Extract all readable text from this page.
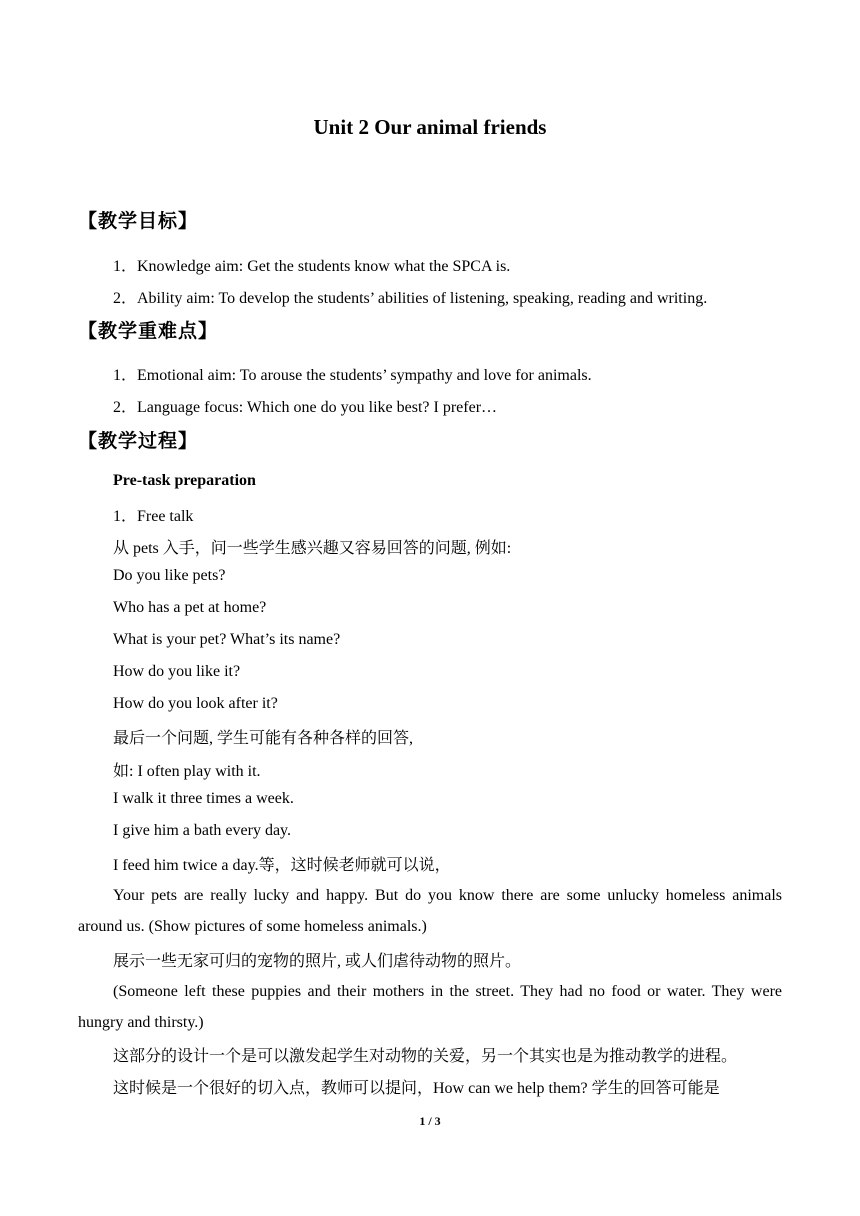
Unit 2 Our animal friends
【教学目标】
1．Knowledge aim: Get the students know what the SPCA is.
2．Ability aim: To develop the students’ abilities of listening, speaking, reading and writing.
【教学重难点】
1．Emotional aim: To arouse the students’ sympathy and love for animals.
2．Language focus: Which one do you like best? I prefer…
【教学过程】
Pre-task preparation
1．Free talk
从 pets 入手，问一些学生感兴趣又容易回答的问题, 例如:
Do you like pets?
Who has a pet at home?
What is your pet? What’s its name?
How do you like it?
How do you look after it?
最后一个问题, 学生可能有各种各样的回答,
如: I often play with it.
I walk it three times a week.
I give him a bath every day.
I feed him twice a day.等，这时候老师就可以说，
Your pets are really lucky and happy. But do you know there are some unlucky homeless animals around us. (Show pictures of some homeless animals.)
展示一些无家可归的宠物的照片, 或人们虐待动物的照片。
(Someone left these puppies and their mothers in the street. They had no food or water. They were hungry and thirsty.)
这部分的设计一个是可以激发起学生对动物的关爱，另一个其实也是为推动教学的进程。
这时候是一个很好的切入点，教师可以提问，How can we help them? 学生的回答可能是
1 / 3
